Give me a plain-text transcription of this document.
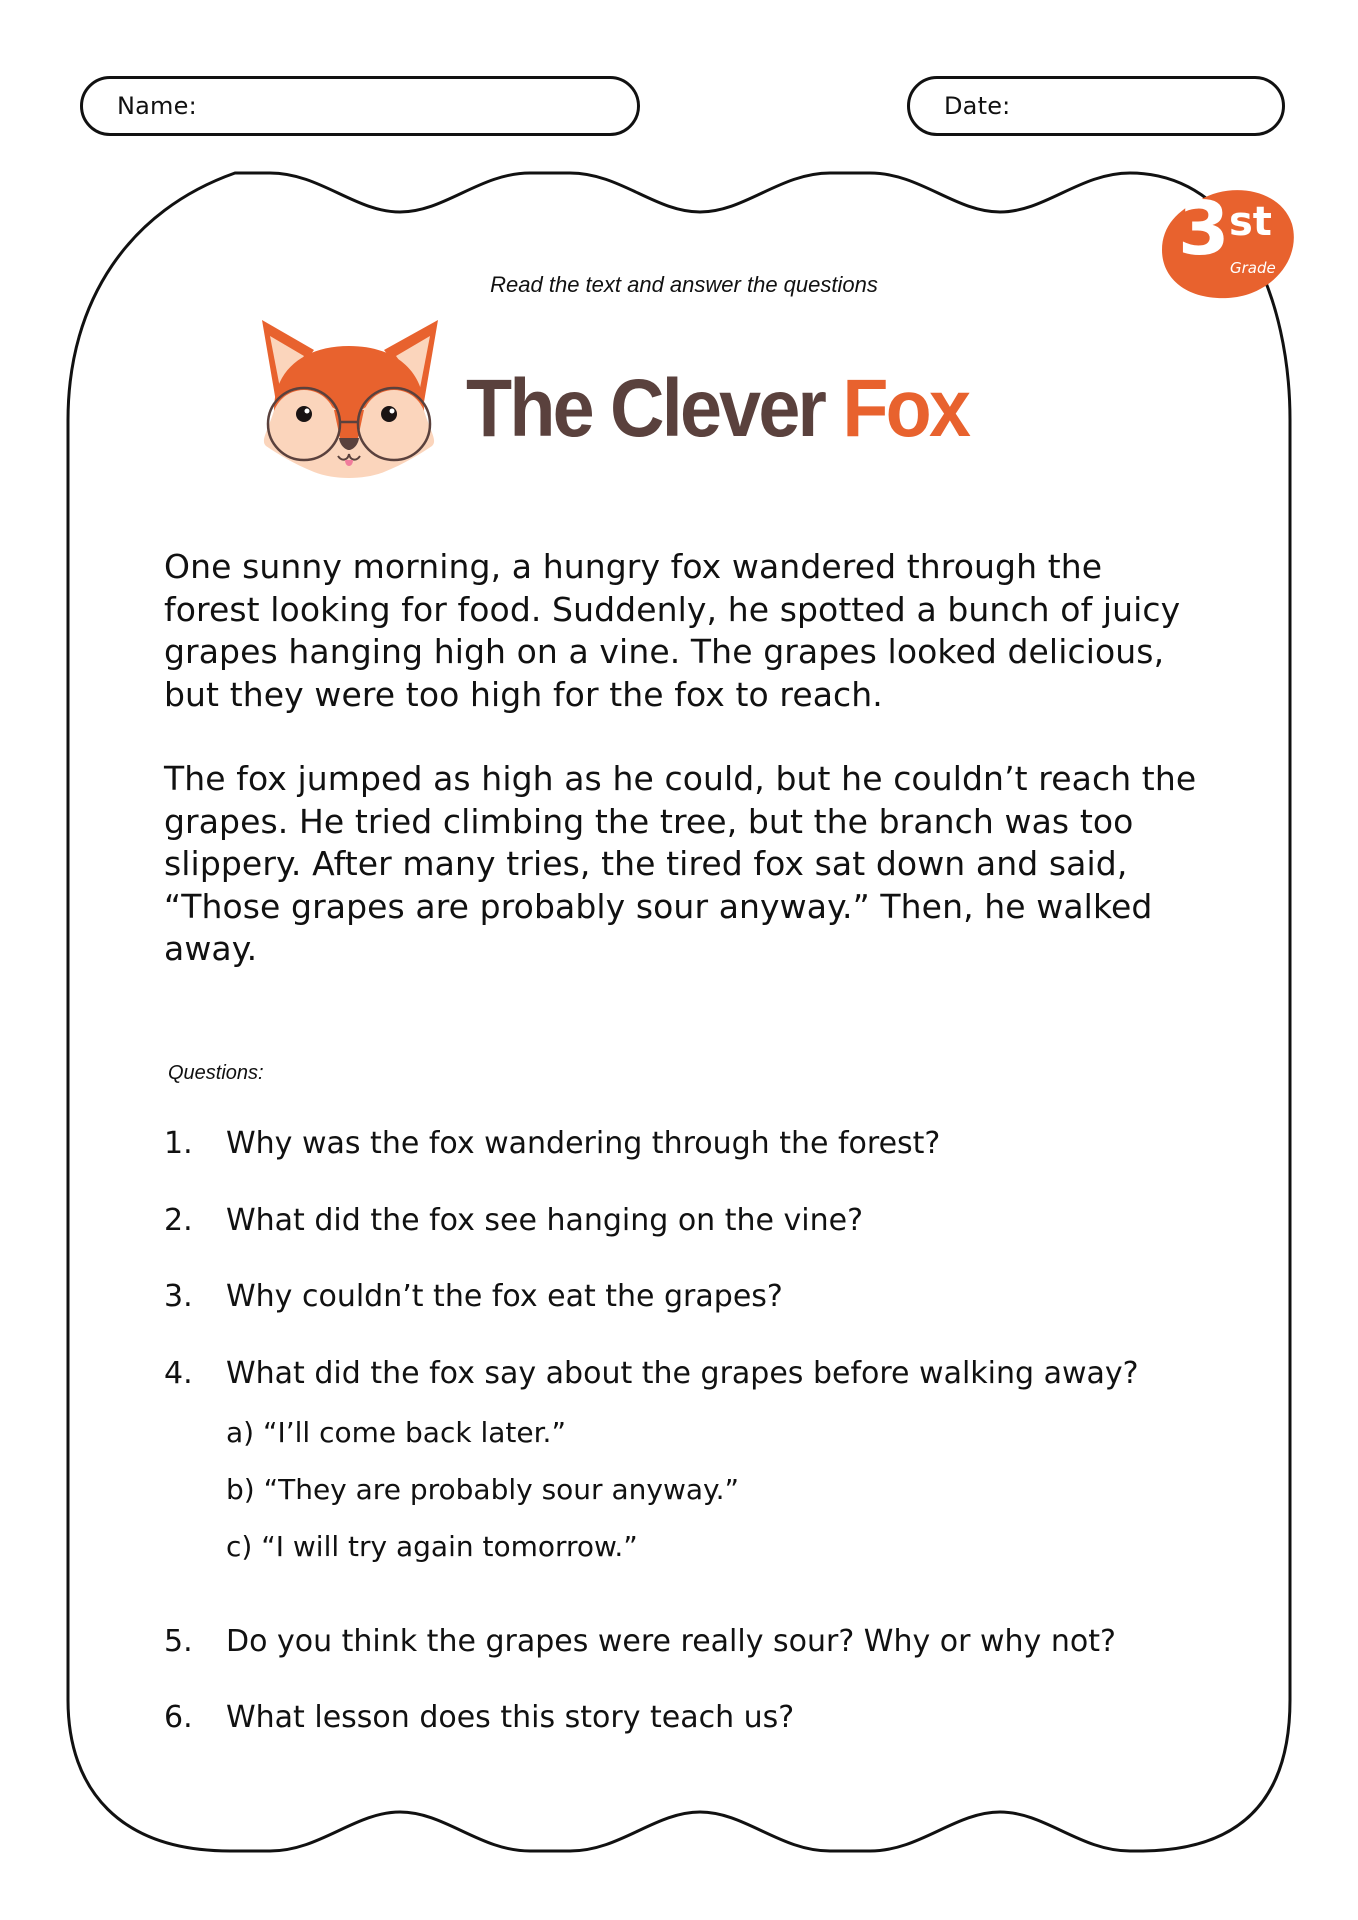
Name:	Date:
3 st
Grade
Read the text and answer the questions
The Clever Fox

One sunny morning, a hungry fox wandered through the forest looking for food. Suddenly, he spotted a bunch of juicy grapes hanging high on a vine. The grapes looked delicious, but they were too high for the fox to reach.

The fox jumped as high as he could, but he couldn’t reach the grapes. He tried climbing the tree, but the branch was too slippery. After many tries, the tired fox sat down and said, “Those grapes are probably sour anyway.” Then, he walked away.

Questions:
1.	Why was the fox wandering through the forest?
2.	What did the fox see hanging on the vine?
3.	Why couldn’t the fox eat the grapes?
4.	What did the fox say about the grapes before walking away?
a) “I’ll come back later.”
b) “They are probably sour anyway.”
c) “I will try again tomorrow.”
5.	Do you think the grapes were really sour? Why or why not?
6.	What lesson does this story teach us?
